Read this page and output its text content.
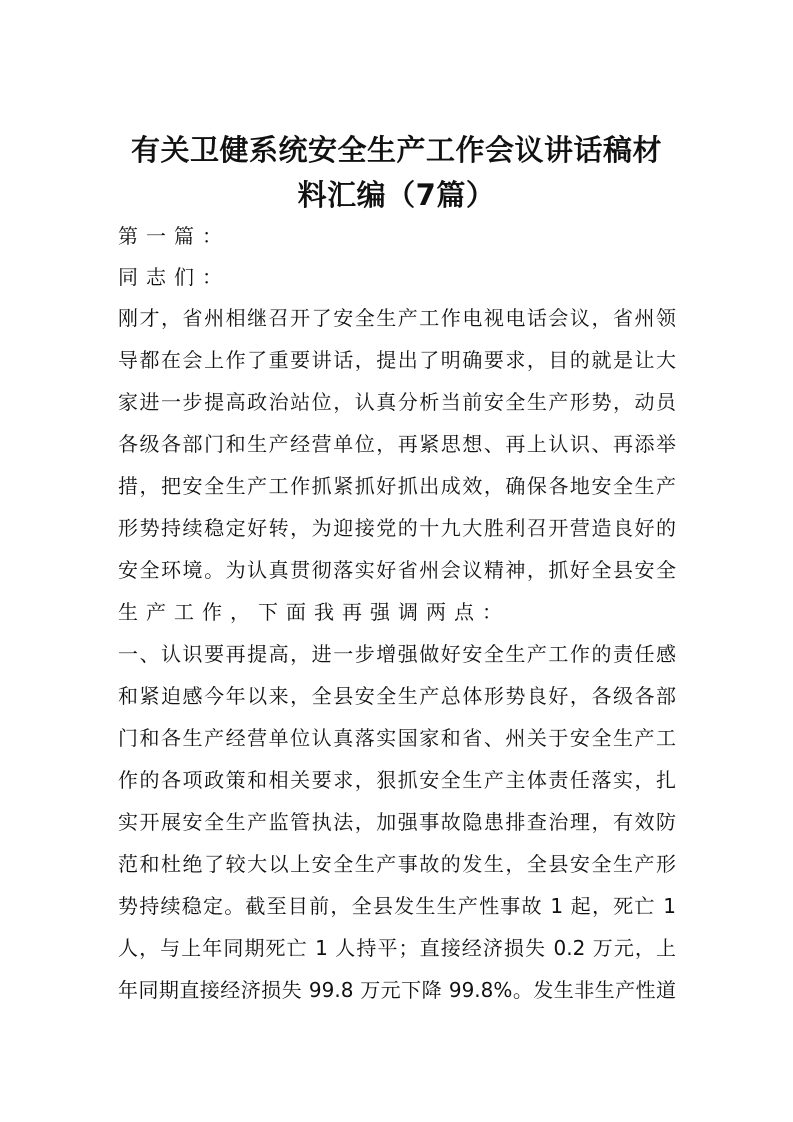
有关卫健系统安全生产工作会议讲话稿材
料汇编（7篇）
第一篇：
同志们：
刚才，省州相继召开了安全生产工作电视电话会议，省州领
导都在会上作了重要讲话，提出了明确要求，目的就是让大
家进一步提高政治站位，认真分析当前安全生产形势，动员
各级各部门和生产经营单位，再紧思想、再上认识、再添举
措，把安全生产工作抓紧抓好抓出成效，确保各地安全生产
形势持续稳定好转，为迎接党的十九大胜利召开营造良好的
安全环境。为认真贯彻落实好省州会议精神，抓好全县安全
生产工作，下面我再强调两点：
一、认识要再提高，进一步增强做好安全生产工作的责任感
和紧迫感今年以来，全县安全生产总体形势良好，各级各部
门和各生产经营单位认真落实国家和省、州关于安全生产工
作的各项政策和相关要求，狠抓安全生产主体责任落实，扎
实开展安全生产监管执法，加强事故隐患排查治理，有效防
范和杜绝了较大以上安全生产事故的发生，全县安全生产形
势持续稳定。截至目前，全县发生生产性事故 1 起，死亡 1
人，与上年同期死亡 1 人持平；直接经济损失 0.2 万元，上
年同期直接经济损失 99.8 万元下降 99.8%。发生非生产性道
